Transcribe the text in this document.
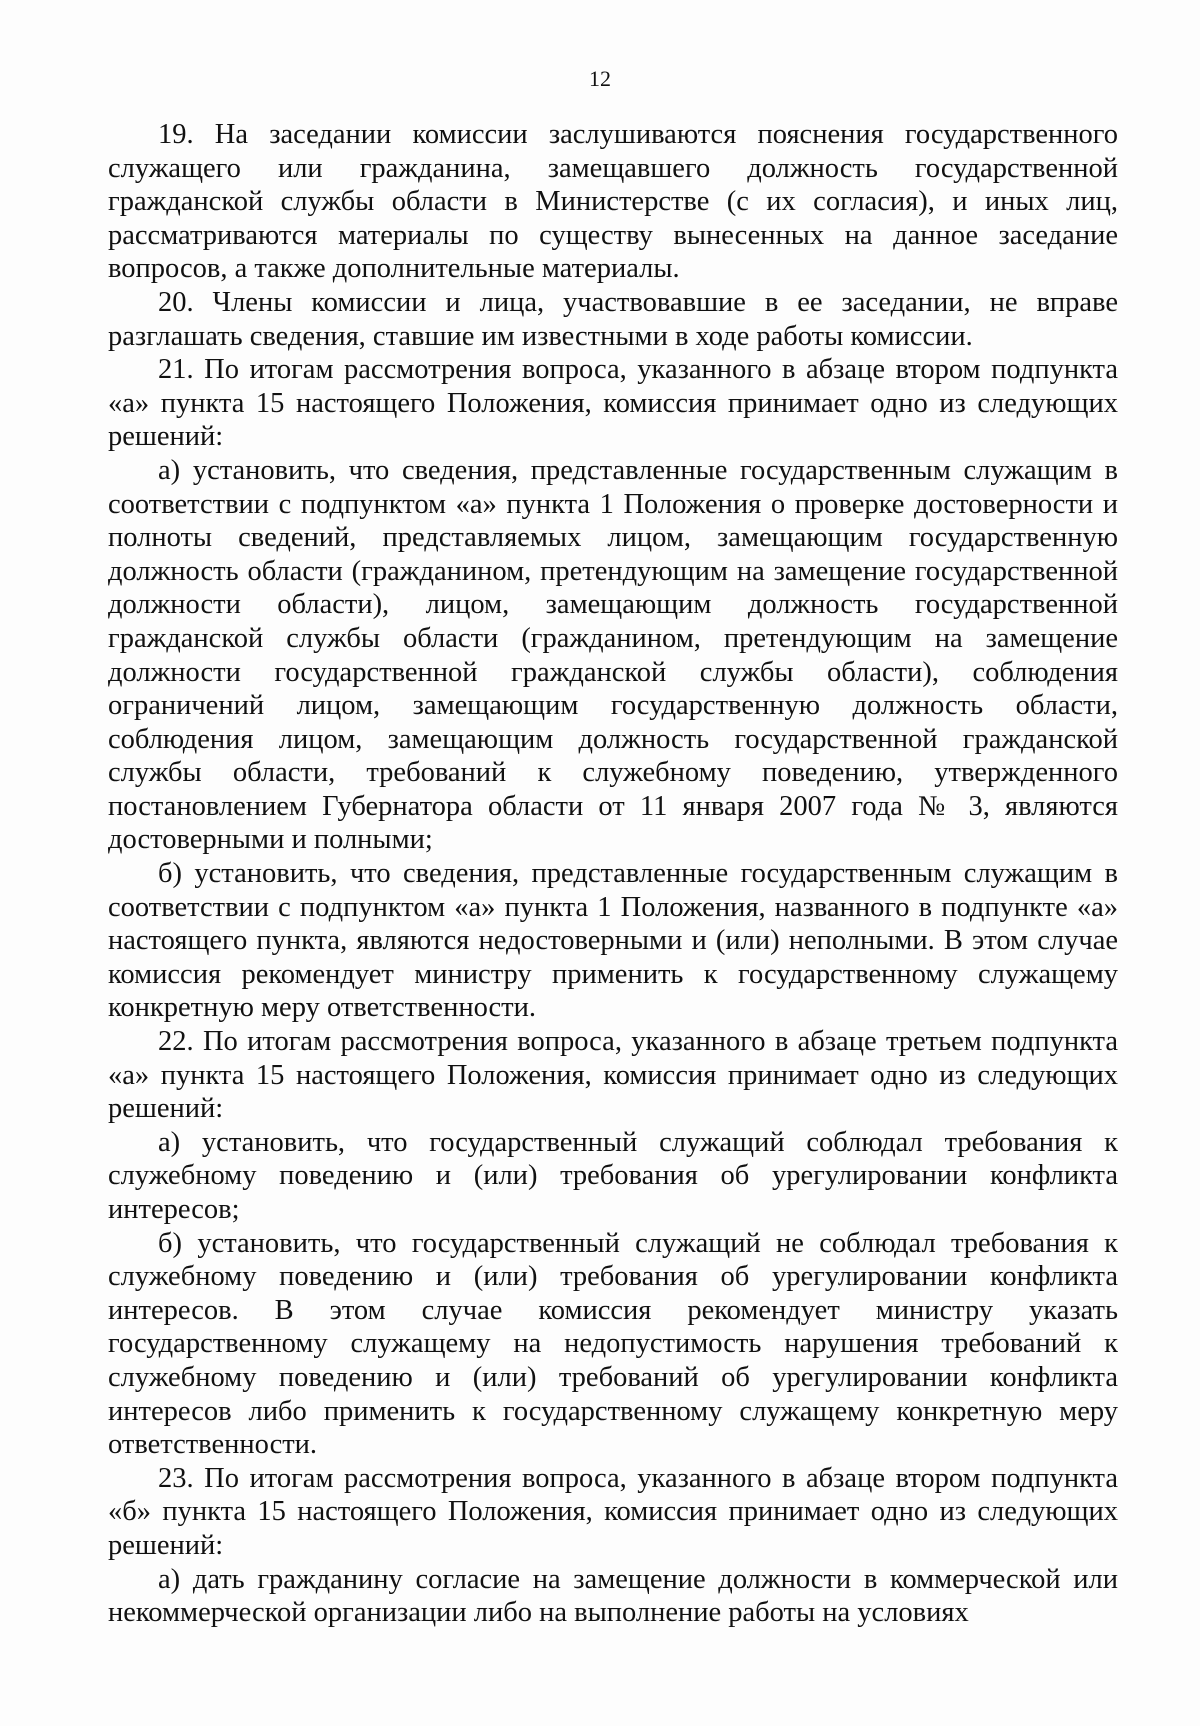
12

19. На заседании комиссии заслушиваются пояснения государственного служащего или гражданина, замещавшего должность государственной гражданской службы области в Министерстве (с их согласия), и иных лиц, рассматриваются материалы по существу вынесенных на данное заседание вопросов, а также дополнительные материалы.

20. Члены комиссии и лица, участвовавшие в ее заседании, не вправе разглашать сведения, ставшие им известными в ходе работы комиссии.

21. По итогам рассмотрения вопроса, указанного в абзаце втором подпункта «а» пункта 15 настоящего Положения, комиссия принимает одно из следующих решений:

а) установить, что сведения, представленные государственным служащим в соответствии с подпунктом «а» пункта 1 Положения о проверке достоверности и полноты сведений, представляемых лицом, замещающим государственную должность области (гражданином, претендующим на замещение государственной должности области), лицом, замещающим должность государственной гражданской службы области (гражданином, претендующим на замещение должности государственной гражданской службы области), соблюдения ограничений лицом, замещающим государственную должность области, соблюдения лицом, замещающим должность государственной гражданской службы области, требований к служебному поведению, утвержденного постановлением Губернатора области от 11 января 2007 года № 3, являются достоверными и полными;

б) установить, что сведения, представленные государственным служащим в соответствии с подпунктом «а» пункта 1 Положения, названного в подпункте «а» настоящего пункта, являются недостоверными и (или) неполными. В этом случае комиссия рекомендует министру применить к государственному служащему конкретную меру ответственности.

22. По итогам рассмотрения вопроса, указанного в абзаце третьем подпункта «а» пункта 15 настоящего Положения, комиссия принимает одно из следующих решений:

а) установить, что государственный служащий соблюдал требования к служебному поведению и (или) требования об урегулировании конфликта интересов;

б) установить, что государственный служащий не соблюдал требования к служебному поведению и (или) требования об урегулировании конфликта интересов. В этом случае комиссия рекомендует министру указать государственному служащему на недопустимость нарушения требований к служебному поведению и (или) требований об урегулировании конфликта интересов либо применить к государственному служащему конкретную меру ответственности.

23. По итогам рассмотрения вопроса, указанного в абзаце втором подпункта «б» пункта 15 настоящего Положения, комиссия принимает одно из следующих решений:

а) дать гражданину согласие на замещение должности в коммерческой или некоммерческой организации либо на выполнение работы на условиях
